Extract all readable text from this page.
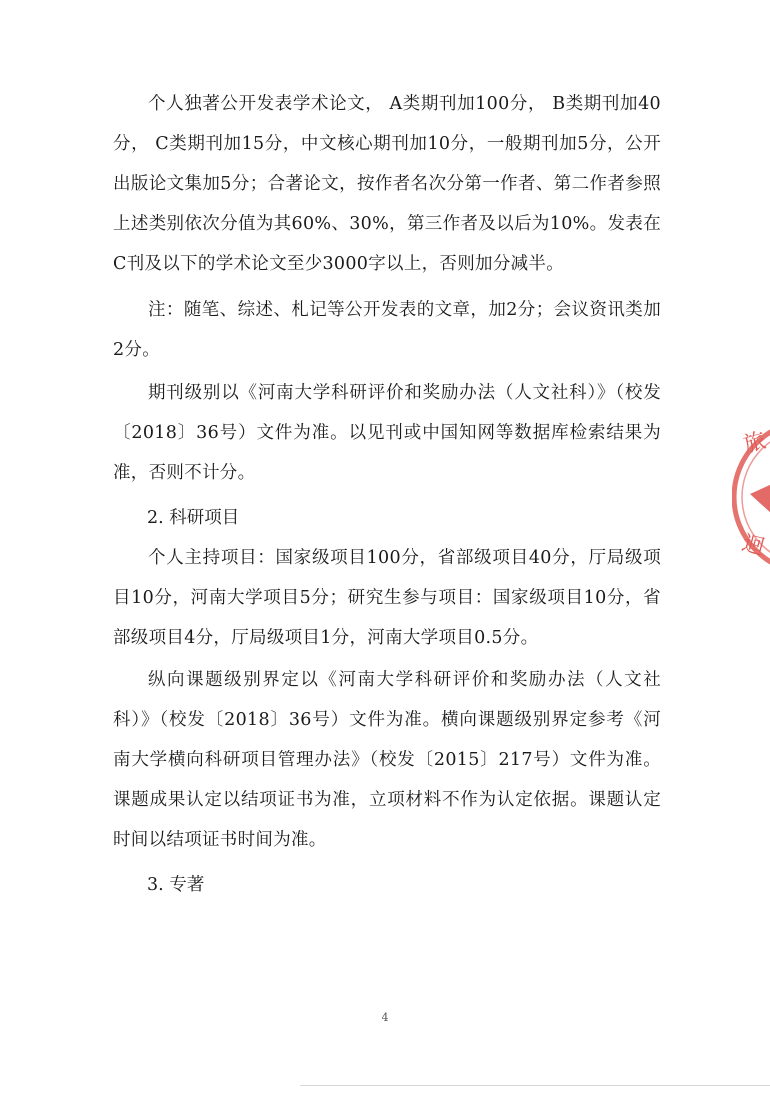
个人独著公开发表学术论文， A类期刊加100分， B类期刊加40分， C类期刊加15分，中文核心期刊加10分，一般期刊加5分，公开出版论文集加5分；合著论文，按作者名次分第一作者、第二作者参照上述类别依次分值为其60%、30%，第三作者及以后为10%。发表在C刊及以下的学术论文至少3000字以上，否则加分减半。

注：随笔、综述、札记等公开发表的文章，加2分；会议资讯类加2分。

期刊级别以《河南大学科研评价和奖励办法（人文社科）》（校发〔2018〕36号）文件为准。以见刊或中国知网等数据库检索结果为准，否则不计分。

2. 科研项目

个人主持项目：国家级项目100分，省部级项目40分，厅局级项目10分，河南大学项目5分；研究生参与项目：国家级项目10分，省部级项目4分，厅局级项目1分，河南大学项目0.5分。

纵向课题级别界定以《河南大学科研评价和奖励办法（人文社科）》（校发〔2018〕36号）文件为准。横向课题级别界定参考《河南大学横向科研项目管理办法》（校发〔2015〕217号）文件为准。课题成果认定以结项证书为准，立项材料不作为认定依据。课题认定时间以结项证书时间为准。

3. 专著

4
旅
迴
